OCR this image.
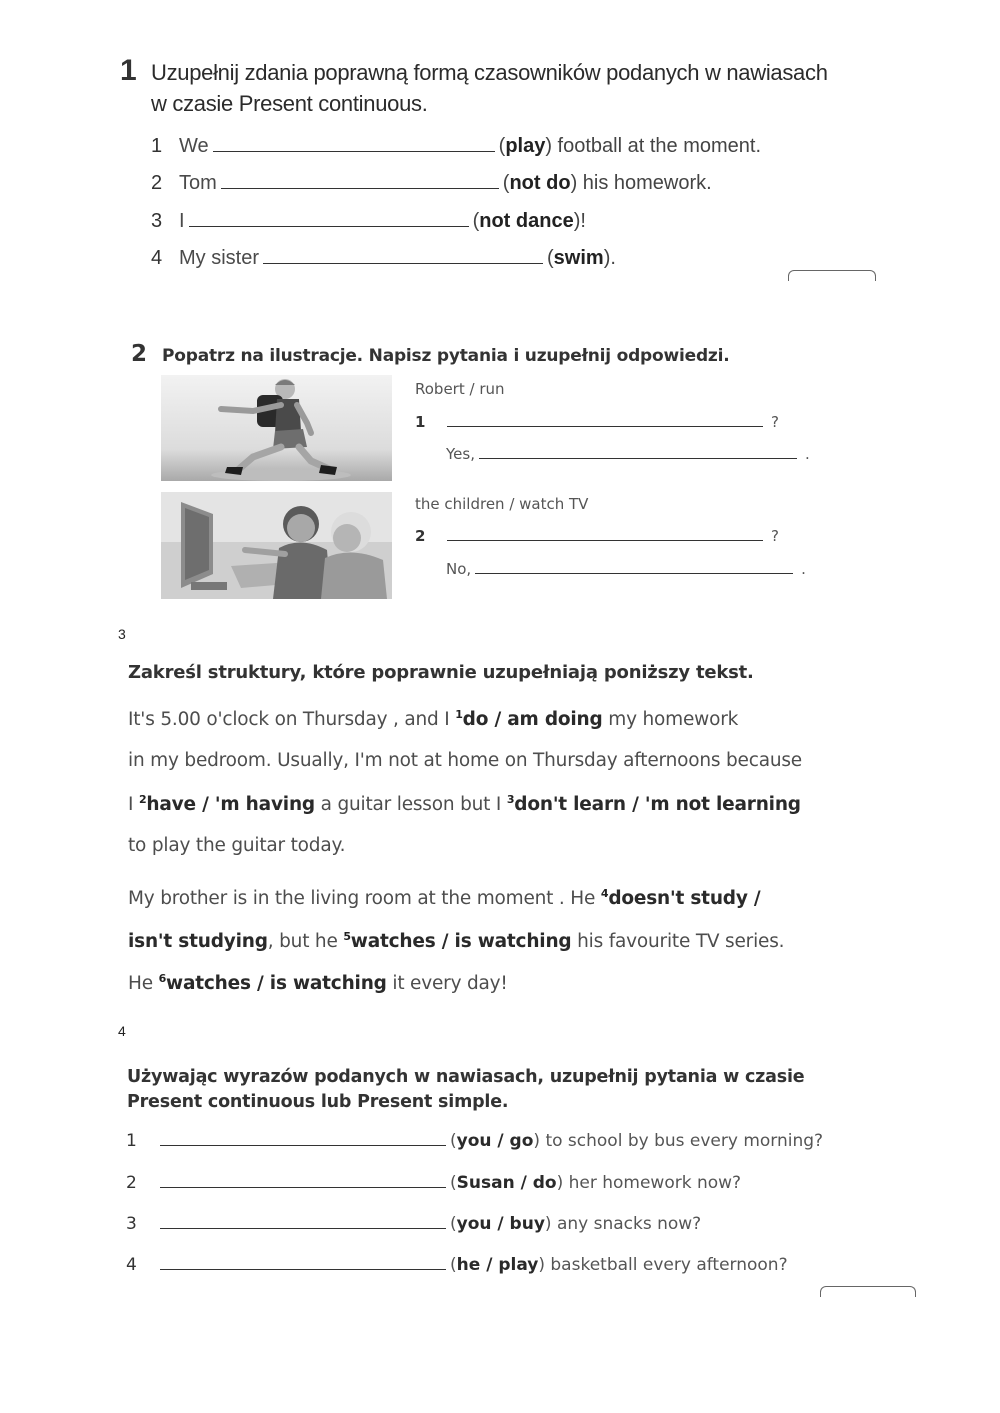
1 Uzupełnij zdania poprawną formą czasowników podanych w nawiasach
w czasie Present continuous.
1 We	(play) football at the moment.
2 Tom	(not do) his homework.
3 I	(not dance)!
4 My sister	(swim).
2 Popatrz na ilustracje. Napisz pytania i uzupełnij odpowiedzi.
Robert / run
1	?
Yes,	.
the children / watch TV
2	?
No,	.
3
Zakreśl struktury, które poprawnie uzupełniają poniższy tekst.
It's 5.00 o'clock on Thursday , and I $^1$do / am doing my homework
in my bedroom. Usually, I'm not at home on Thursday afternoons because
I $^2$have / 'm having a guitar lesson but I $^3$don't learn / 'm not learning
to play the guitar today.
My brother is in the living room at the moment . He $^4$doesn't study /
isn't studying, but he $^5$watches / is watching his favourite TV series.
He $^6$watches / is watching it every day!
4
Używając wyrazów podanych w nawiasach, uzupełnij pytania w czasie
Present continuous lub Present simple.
1	(you / go) to school by bus every morning?
2	(Susan / do) her homework now?
3	(you / buy) any snacks now?
4	(he / play) basketball every afternoon?
